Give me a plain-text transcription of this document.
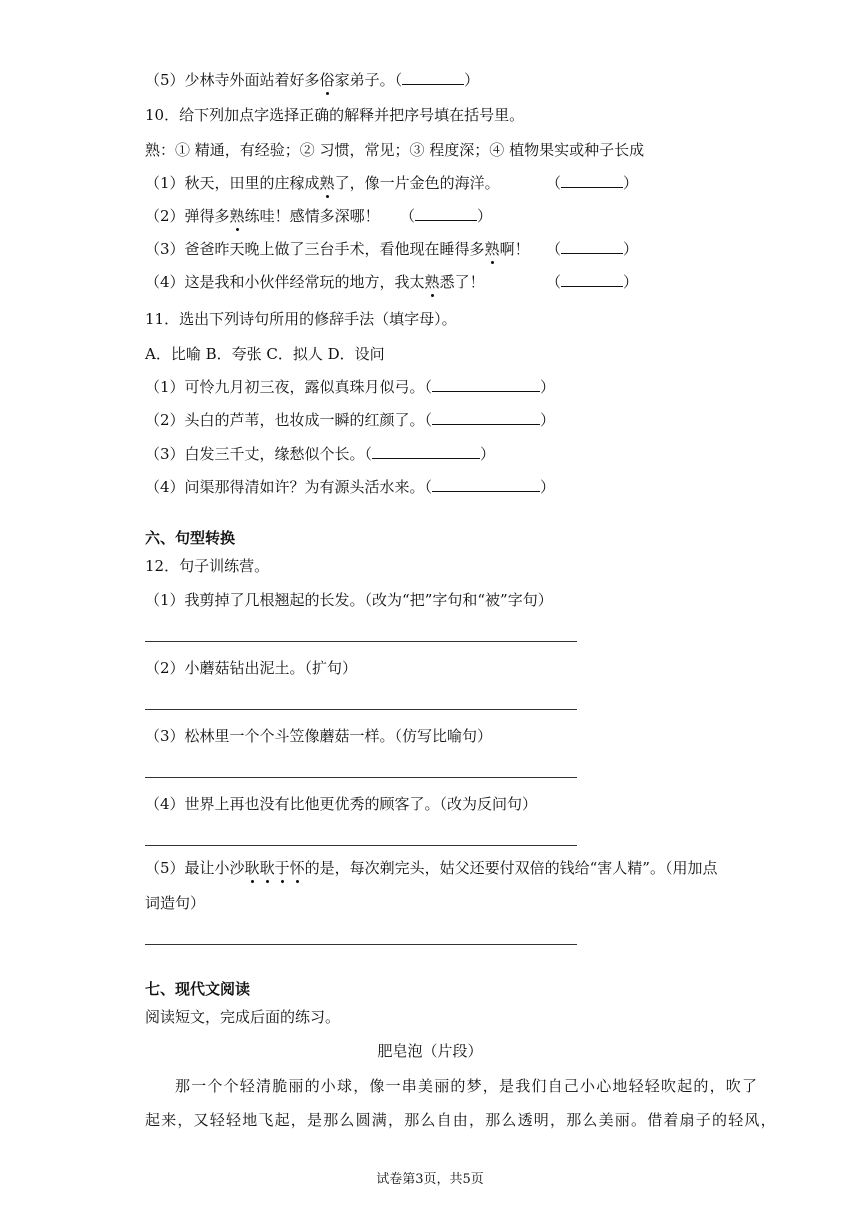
（5）少林寺外面站着好多俗家弟子。（	）
10．给下列加点字选择正确的解释并把序号填在括号里。
熟：① 精通，有经验；② 习惯，常见；③ 程度深；④ 植物果实或种子长成
（1）秋天，田里的庄稼成熟了，像一片金色的海洋。	（	）
（2）弹得多熟练哇！感情多深哪！ （	）
（3）爸爸昨天晚上做了三台手术，看他现在睡得多熟啊！ （	）
（4）这是我和小伙伴经常玩的地方，我太熟悉了！	（	）
11．选出下列诗句所用的修辞手法（填字母）。
A．比喻 B．夸张 C．拟人 D．设问
（1）可怜九月初三夜，露似真珠月似弓。（	）
（2）头白的芦苇，也妆成一瞬的红颜了。（	）
（3）白发三千丈，缘愁似个长。（	）
（4）问渠那得清如许？为有源头活水来。（	）
六、句型转换
12．句子训练营。
（1）我剪掉了几根翘起的长发。（改为“把”字句和“被”字句）
（2）小蘑菇钻出泥土。（扩句）
（3）松林里一个个斗笠像蘑菇一样。（仿写比喻句）
（4）世界上再也没有比他更优秀的顾客了。（改为反问句）
（5）最让小沙耿耿于怀的是，每次剃完头，姑父还要付双倍的钱给“害人精”。（用加点
词造句）
七、现代文阅读
阅读短文，完成后面的练习。
肥皂泡（片段）
那一个个轻清脆丽的小球，像一串美丽的梦，是我们自己小心地轻轻吹起的，吹了
起来，又轻轻地飞起，是那么圆满，那么自由，那么透明，那么美丽。借着扇子的轻风，
试卷第3页，共5页
